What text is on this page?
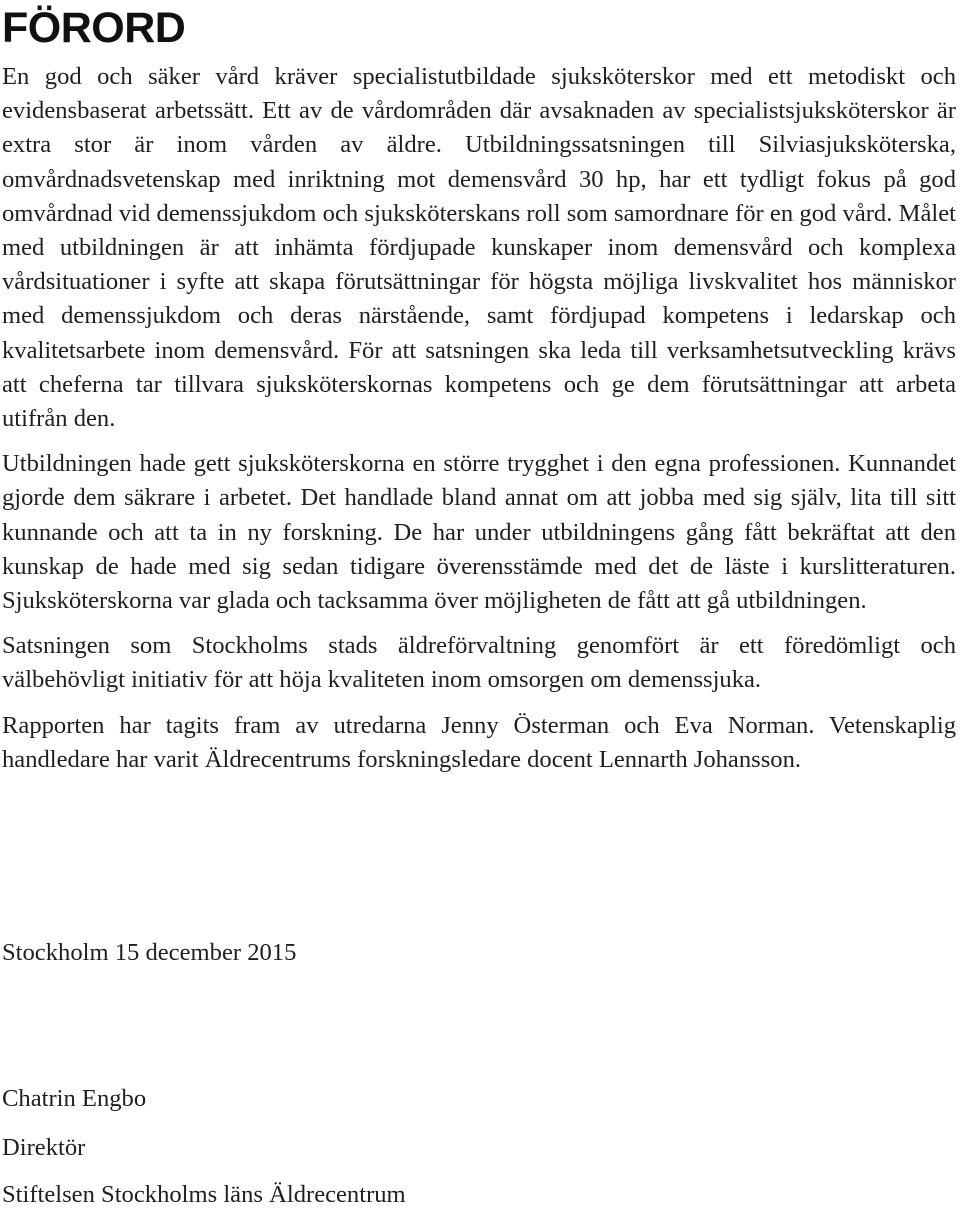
FÖRORD

En god och säker vård kräver specialistutbildade sjuksköterskor med ett metodiskt och evidensbaserat arbetssätt. Ett av de vårdområden där avsaknaden av specialistsjuksköterskor är extra stor är inom vården av äldre. Utbildningssatsningen till Silviasjuksköterska, omvårdnadsvetenskap med inriktning mot demensvård 30 hp, har ett tydligt fokus på god omvårdnad vid demenssjukdom och sjuksköterskans roll som samordnare för en god vård. Målet med utbildningen är att inhämta fördjupade kunskaper inom demensvård och komplexa vårdsituationer i syfte att skapa förutsättningar för högsta möjliga livskvalitet hos människor med demenssjukdom och deras närstående, samt fördjupad kompetens i ledarskap och kvalitetsarbete inom demensvård. För att satsningen ska leda till verksamhetsutveckling krävs att cheferna tar tillvara sjuksköterskornas kompetens och ge dem förutsättningar att arbeta utifrån den.

Utbildningen hade gett sjuksköterskorna en större trygghet i den egna professionen. Kunnandet gjorde dem säkrare i arbetet. Det handlade bland annat om att jobba med sig själv, lita till sitt kunnande och att ta in ny forskning. De har under utbildningens gång fått bekräftat att den kunskap de hade med sig sedan tidigare överensstämde med det de läste i kurslitteraturen. Sjuksköterskorna var glada och tacksamma över möjligheten de fått att gå utbildningen.

Satsningen som Stockholms stads äldreförvaltning genomfört är ett föredömligt och välbehövligt initiativ för att höja kvaliteten inom omsorgen om demenssjuka.

Rapporten har tagits fram av utredarna Jenny Österman och Eva Norman. Vetenskaplig handledare har varit Äldrecentrums forskningsledare docent Lennarth Johansson.

Stockholm 15 december 2015
Chatrin Engbo
Direktör
Stiftelsen Stockholms läns Äldrecentrum
